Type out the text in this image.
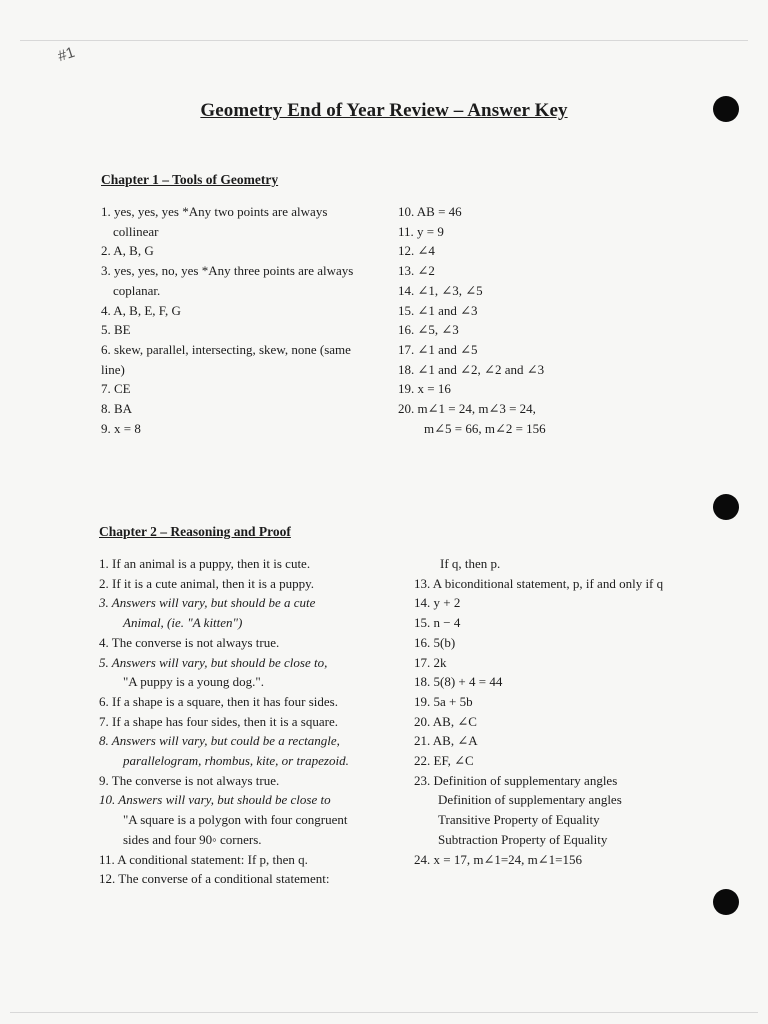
#1
Geometry End of Year Review – Answer Key
Chapter 1 – Tools of Geometry
1. yes, yes, yes *Any two points are always
collinear
2. A, B, G
3. yes, yes, no, yes *Any three points are always
coplanar.
4. A, B, E, F, G
5. BE
6. skew, parallel, intersecting, skew, none (same
line)
7. CE
8. BA
9. x = 8
10. AB = 46
11. y = 9
12. ∠4
13. ∠2
14. ∠1, ∠3, ∠5
15. ∠1 and ∠3
16. ∠5, ∠3
17. ∠1 and ∠5
18. ∠1 and ∠2, ∠2 and ∠3
19. x = 16
20. m∠1 = 24, m∠3 = 24,
m∠5 = 66, m∠2 = 156
Chapter 2 – Reasoning and Proof
1. If an animal is a puppy, then it is cute.
2. If it is a cute animal, then it is a puppy.
3. Answers will vary, but should be a cute
Animal, (ie. "A kitten")
4. The converse is not always true.
5. Answers will vary, but should be close to,
"A puppy is a young dog.".
6. If a shape is a square, then it has four sides.
7. If a shape has four sides, then it is a square.
8. Answers will vary, but could be a rectangle,
parallelogram, rhombus, kite, or trapezoid.
9. The converse is not always true.
10. Answers will vary, but should be close to
"A square is a polygon with four congruent
sides and four 90◦ corners.
11. A conditional statement: If p, then q.
12. The converse of a conditional statement:
If q, then p.
13. A biconditional statement, p, if and only if q
14. y + 2
15. n − 4
16. 5(b)
17. 2k
18. 5(8) + 4 = 44
19. 5a + 5b
20. AB, ∠C
21. AB, ∠A
22. EF, ∠C
23. Definition of supplementary angles
Definition of supplementary angles
Transitive Property of Equality
Subtraction Property of Equality
24. x = 17, m∠1=24, m∠1=156
